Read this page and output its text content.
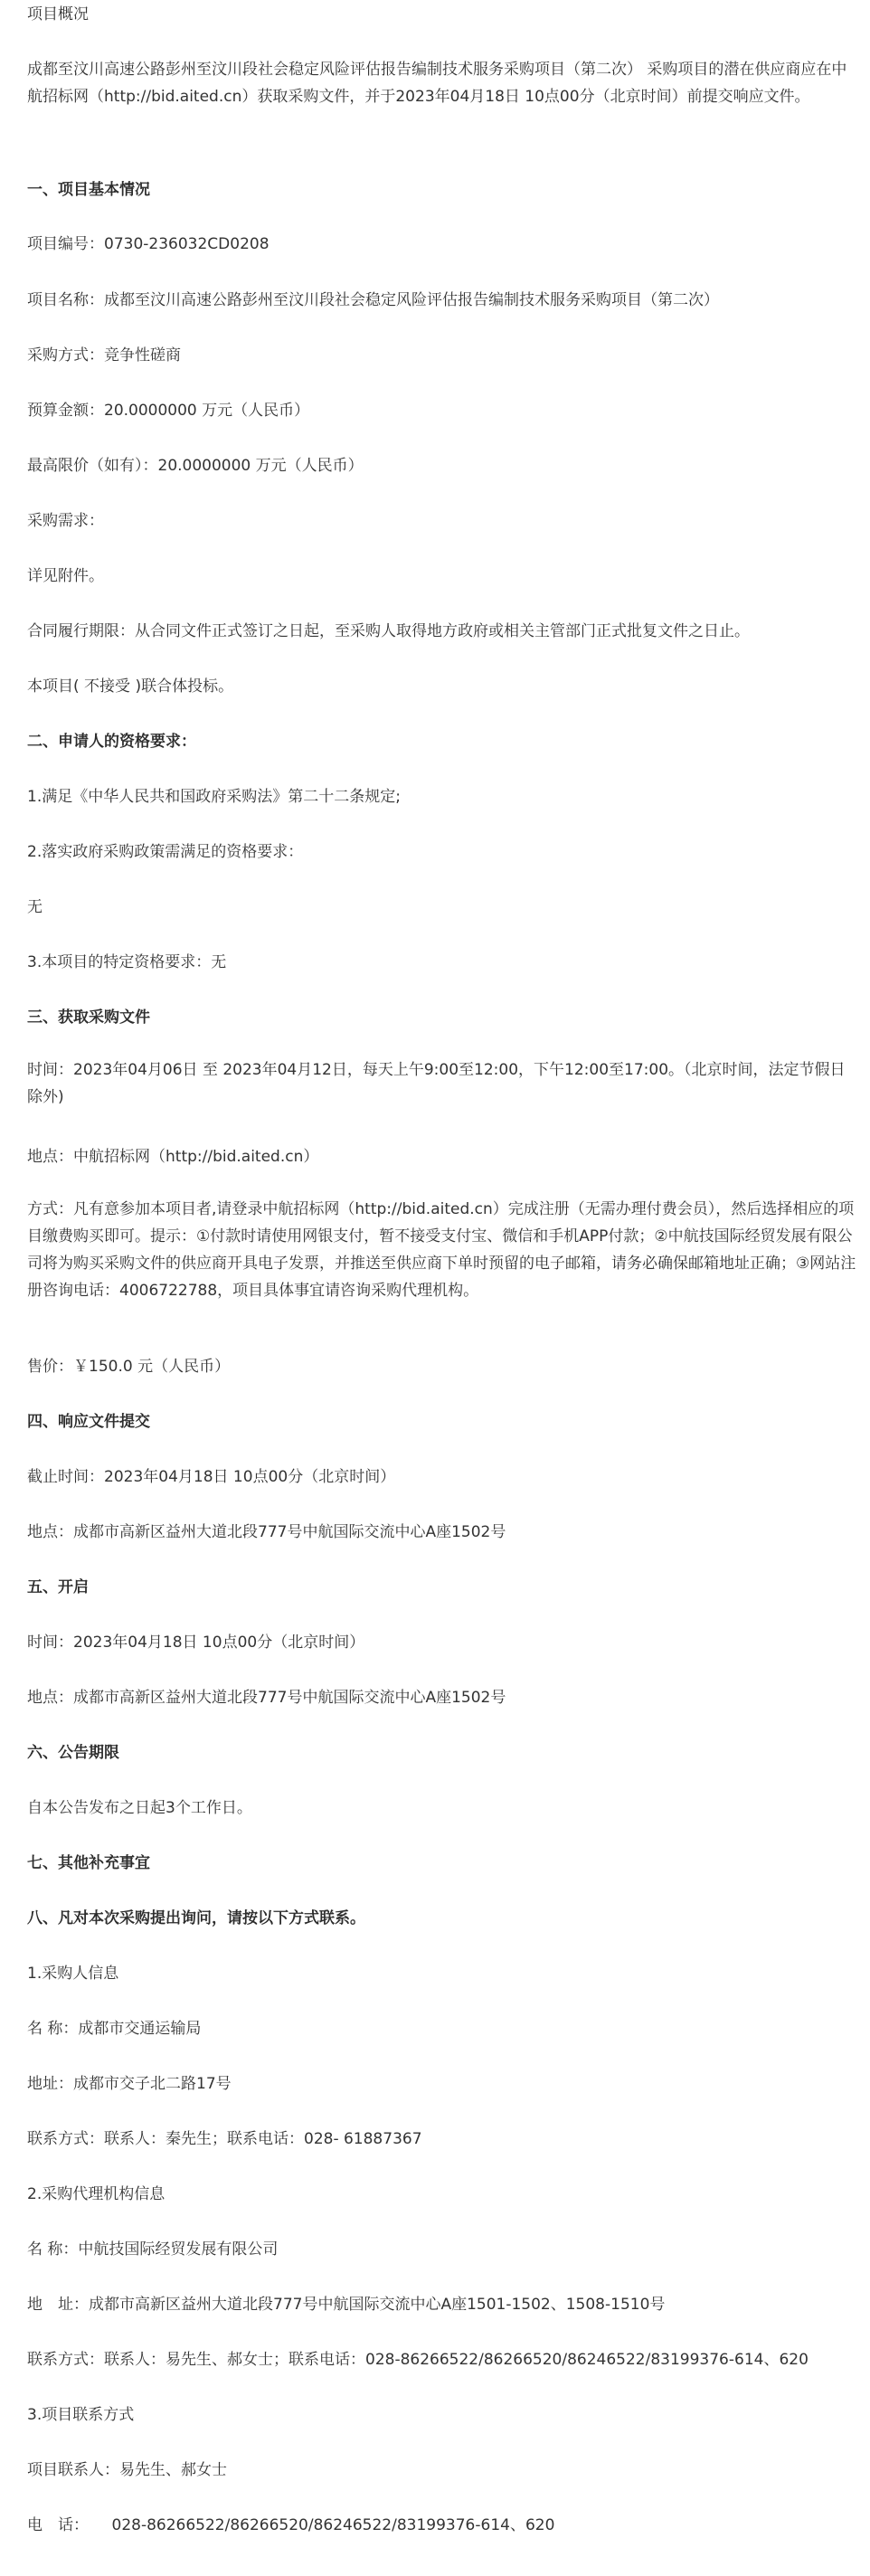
项目概况

成都至汶川高速公路彭州至汶川段社会稳定风险评估报告编制技术服务采购项目（第二次） 采购项目的潜在供应商应在中航招标网（http://bid.aited.cn）获取采购文件，并于2023年04月18日 10点00分（北京时间）前提交响应文件。

一、项目基本情况

项目编号：0730-236032CD0208

项目名称：成都至汶川高速公路彭州至汶川段社会稳定风险评估报告编制技术服务采购项目（第二次）

采购方式：竞争性磋商

预算金额：20.0000000 万元（人民币）

最高限价（如有）：20.0000000 万元（人民币）

采购需求：

详见附件。

合同履行期限：从合同文件正式签订之日起，至采购人取得地方政府或相关主管部门正式批复文件之日止。

本项目( 不接受 )联合体投标。

二、申请人的资格要求：

1.满足《中华人民共和国政府采购法》第二十二条规定;

2.落实政府采购政策需满足的资格要求：

无

3.本项目的特定资格要求：无

三、获取采购文件

时间：2023年04月06日 至 2023年04月12日，每天上午9:00至12:00，下午12:00至17:00。（北京时间，法定节假日除外)

地点：中航招标网（http://bid.aited.cn）

方式：凡有意参加本项目者,请登录中航招标网（http://bid.aited.cn）完成注册（无需办理付费会员），然后选择相应的项目缴费购买即可。提示：①付款时请使用网银支付，暂不接受支付宝、微信和手机APP付款；②中航技国际经贸发展有限公司将为购买采购文件的供应商开具电子发票，并推送至供应商下单时预留的电子邮箱，请务必确保邮箱地址正确；③网站注册咨询电话：4006722788，项目具体事宜请咨询采购代理机构。

售价：￥150.0 元（人民币）

四、响应文件提交

截止时间：2023年04月18日 10点00分（北京时间）

地点：成都市高新区益州大道北段777号中航国际交流中心A座1502号

五、开启

时间：2023年04月18日 10点00分（北京时间）

地点：成都市高新区益州大道北段777号中航国际交流中心A座1502号

六、公告期限

自本公告发布之日起3个工作日。

七、其他补充事宜

八、凡对本次采购提出询问，请按以下方式联系。

1.采购人信息

名 称：成都市交通运输局

地址：成都市交子北二路17号

联系方式：联系人：秦先生；联系电话：028- 61887367

2.采购代理机构信息

名 称：中航技国际经贸发展有限公司

地　址：成都市高新区益州大道北段777号中航国际交流中心A座1501-1502、1508-1510号

联系方式：联系人：易先生、郝女士；联系电话：028-86266522/86266520/86246522/83199376-614、620

3.项目联系方式

项目联系人：易先生、郝女士

电　话：　　028-86266522/86266520/86246522/83199376-614、620
